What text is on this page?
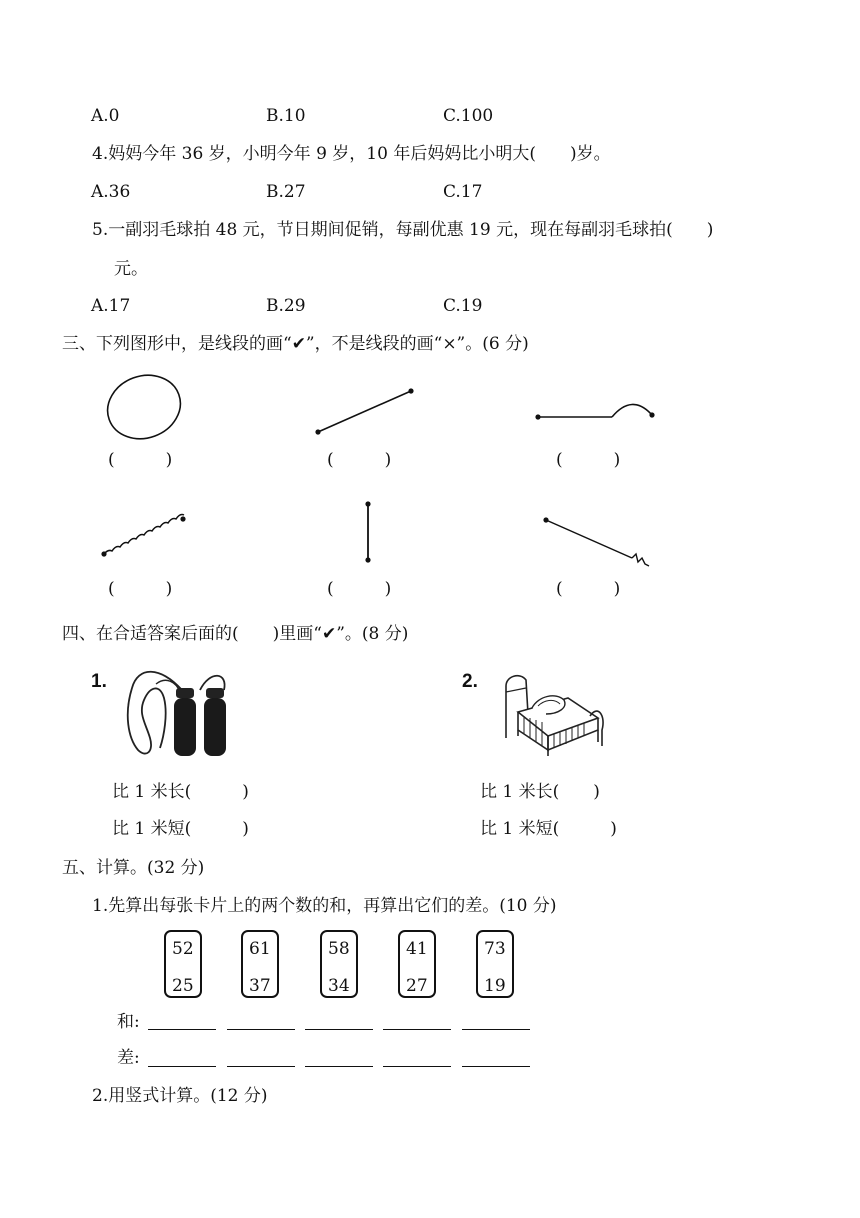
A.0	B.10	C.100
4.妈妈今年 36 岁，小明今年 9 岁，10 年后妈妈比小明大(　　)岁。
A.36	B.27	C.17
5.一副羽毛球拍 48 元，节日期间促销，每副优惠 19 元，现在每副羽毛球拍(　　)
元。
A.17	B.29	C.19
三、下列图形中，是线段的画“✔”，不是线段的画“×”。(6 分)
(　　　)	(　　　)	(　　　)
(　　　)	(　　　)	(　　　)
四、在合适答案后面的(　　)里画“✔”。(8 分)
1.
比 1 米长(　　　)
比 1 米短(　　　)
2.
比 1 米长(　　)
比 1 米短(　　　)
五、计算。(32 分)
1.先算出每张卡片上的两个数的和，再算出它们的差。(10 分)
52
25
61
37
58
34
41
27
73
19
和:
差:
2.用竖式计算。(12 分)
